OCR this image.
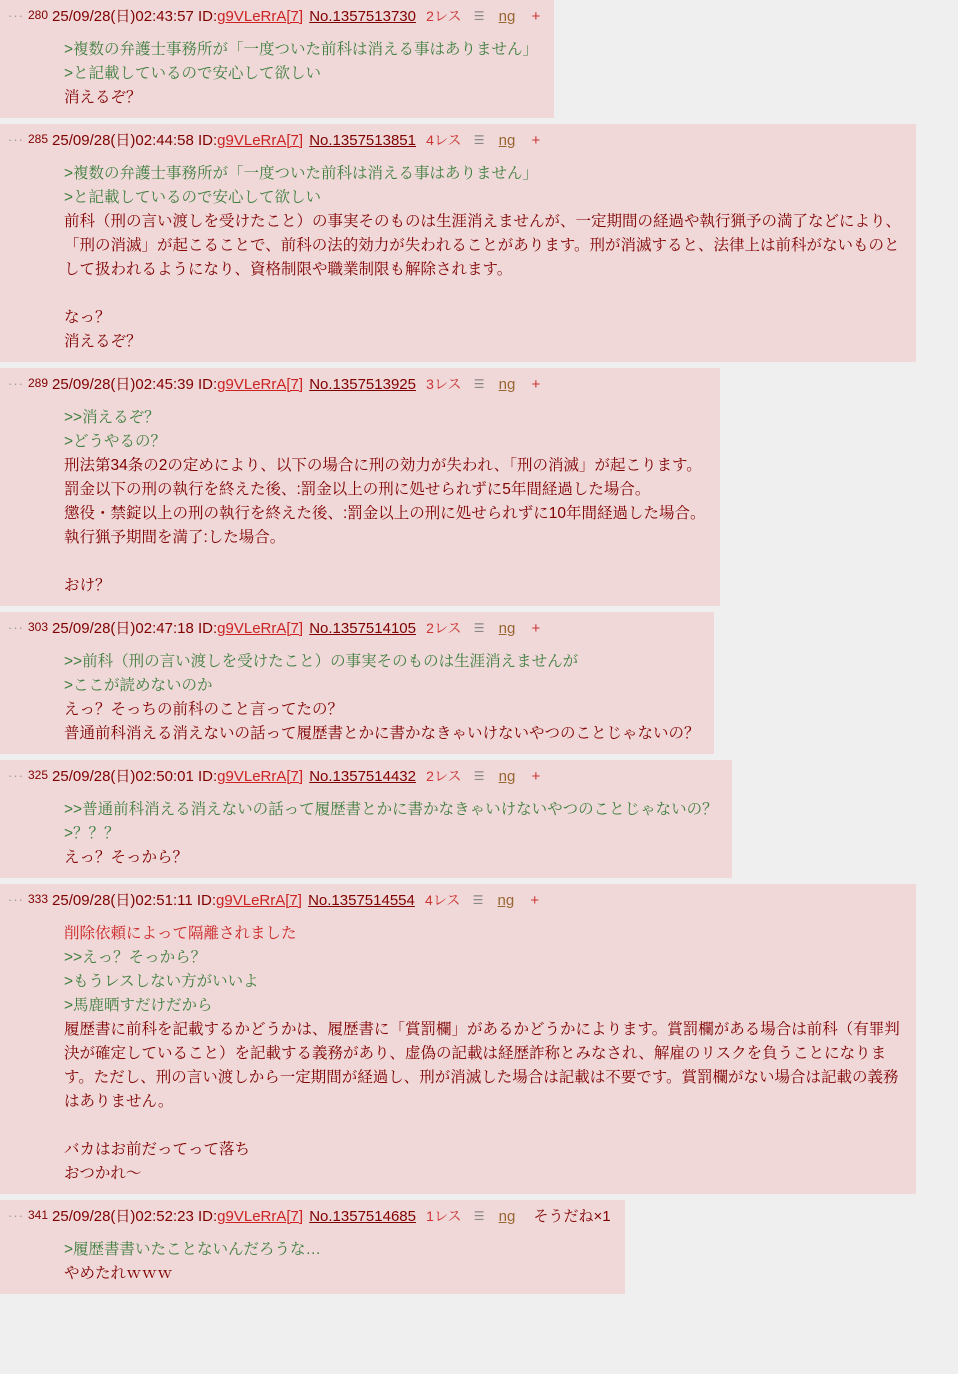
··· 280 25/09/28(日)02:43:57 ID:g9VLeRrA[7] No.1357513730 2レス ☰ ng +

>複数の弁護士事務所が「一度ついた前科は消える事はありません」

>と記載しているので安心して欲しい

消えるぞ？

··· 285 25/09/28(日)02:44:58 ID:g9VLeRrA[7] No.1357513851 4レス ☰ ng +

>複数の弁護士事務所が「一度ついた前科は消える事はありません」

>と記載しているので安心して欲しい

前科（刑の言い渡しを受けたこと）の事実そのものは生涯消えませんが、一定期間の経過や執行猟予の満了などにより、「刑の消滅」が起こることで、前科の法的効力が失われることがあります。刑が消滅すると、法律上は前科がないものとして扱われるようになり、資格制限や職業制限も解除されます。

なっ？

消えるぞ？

··· 289 25/09/28(日)02:45:39 ID:g9VLeRrA[7] No.1357513925 3レス ☰ ng +

>>消えるぞ？

>どうやるの？

刑法第34条の2の定めにより、以下の場合に刑の効力が失われ、「刑の消滅」が起こります。

罰金以下の刑の執行を終えた後、:罰金以上の刑に処せられずに5年間経過した場合。

懲役・禁錠以上の刑の執行を終えた後、:罰金以上の刑に処せられずに10年間経過した場合。

執行猟予期間を満了:した場合。

おけ？

··· 303 25/09/28(日)02:47:18 ID:g9VLeRrA[7] No.1357514105 2レス ☰ ng +

>>前科（刑の言い渡しを受けたこと）の事実そのものは生涯消えませんが

>ここが読めないのか

えっ？そっちの前科のこと言ってたの？

普通前科消える消えないの話って履歴書とかに書かなきゃいけないやつのことじゃないの？

··· 325 25/09/28(日)02:50:01 ID:g9VLeRrA[7] No.1357514432 2レス ☰ ng +

>>普通前科消える消えないの話って履歴書とかに書かなきゃいけないやつのことじゃないの？

>？？？

えっ？そっから？

··· 333 25/09/28(日)02:51:11 ID:g9VLeRrA[7] No.1357514554 4レス ☰ ng +

削除依頼によって隔離されました

>>えっ？そっから？

>もうレスしない方がいいよ

>馬鹿晒すだけだから

履歴書に前科を記載するかどうかは、履歴書に「賞罰欄」があるかどうかによります。賞罰欄がある場合は前科（有罪判決が確定していること）を記載する義務があり、虚偽の記載は経歴詐称とみなされ、解雇のリスクを負うことになります。ただし、刑の言い渡しから一定期間が経過し、刑が消滅した場合は記載は不要です。賞罰欄がない場合は記載の義務はありません。

バカはお前だってって落ち

おつかれ〜

··· 341 25/09/28(日)02:52:23 ID:g9VLeRrA[7] No.1357514685 1レス ☰ ng そうだね×1

>履歴書書いたことないんだろうな…

やめたれｗｗｗ
